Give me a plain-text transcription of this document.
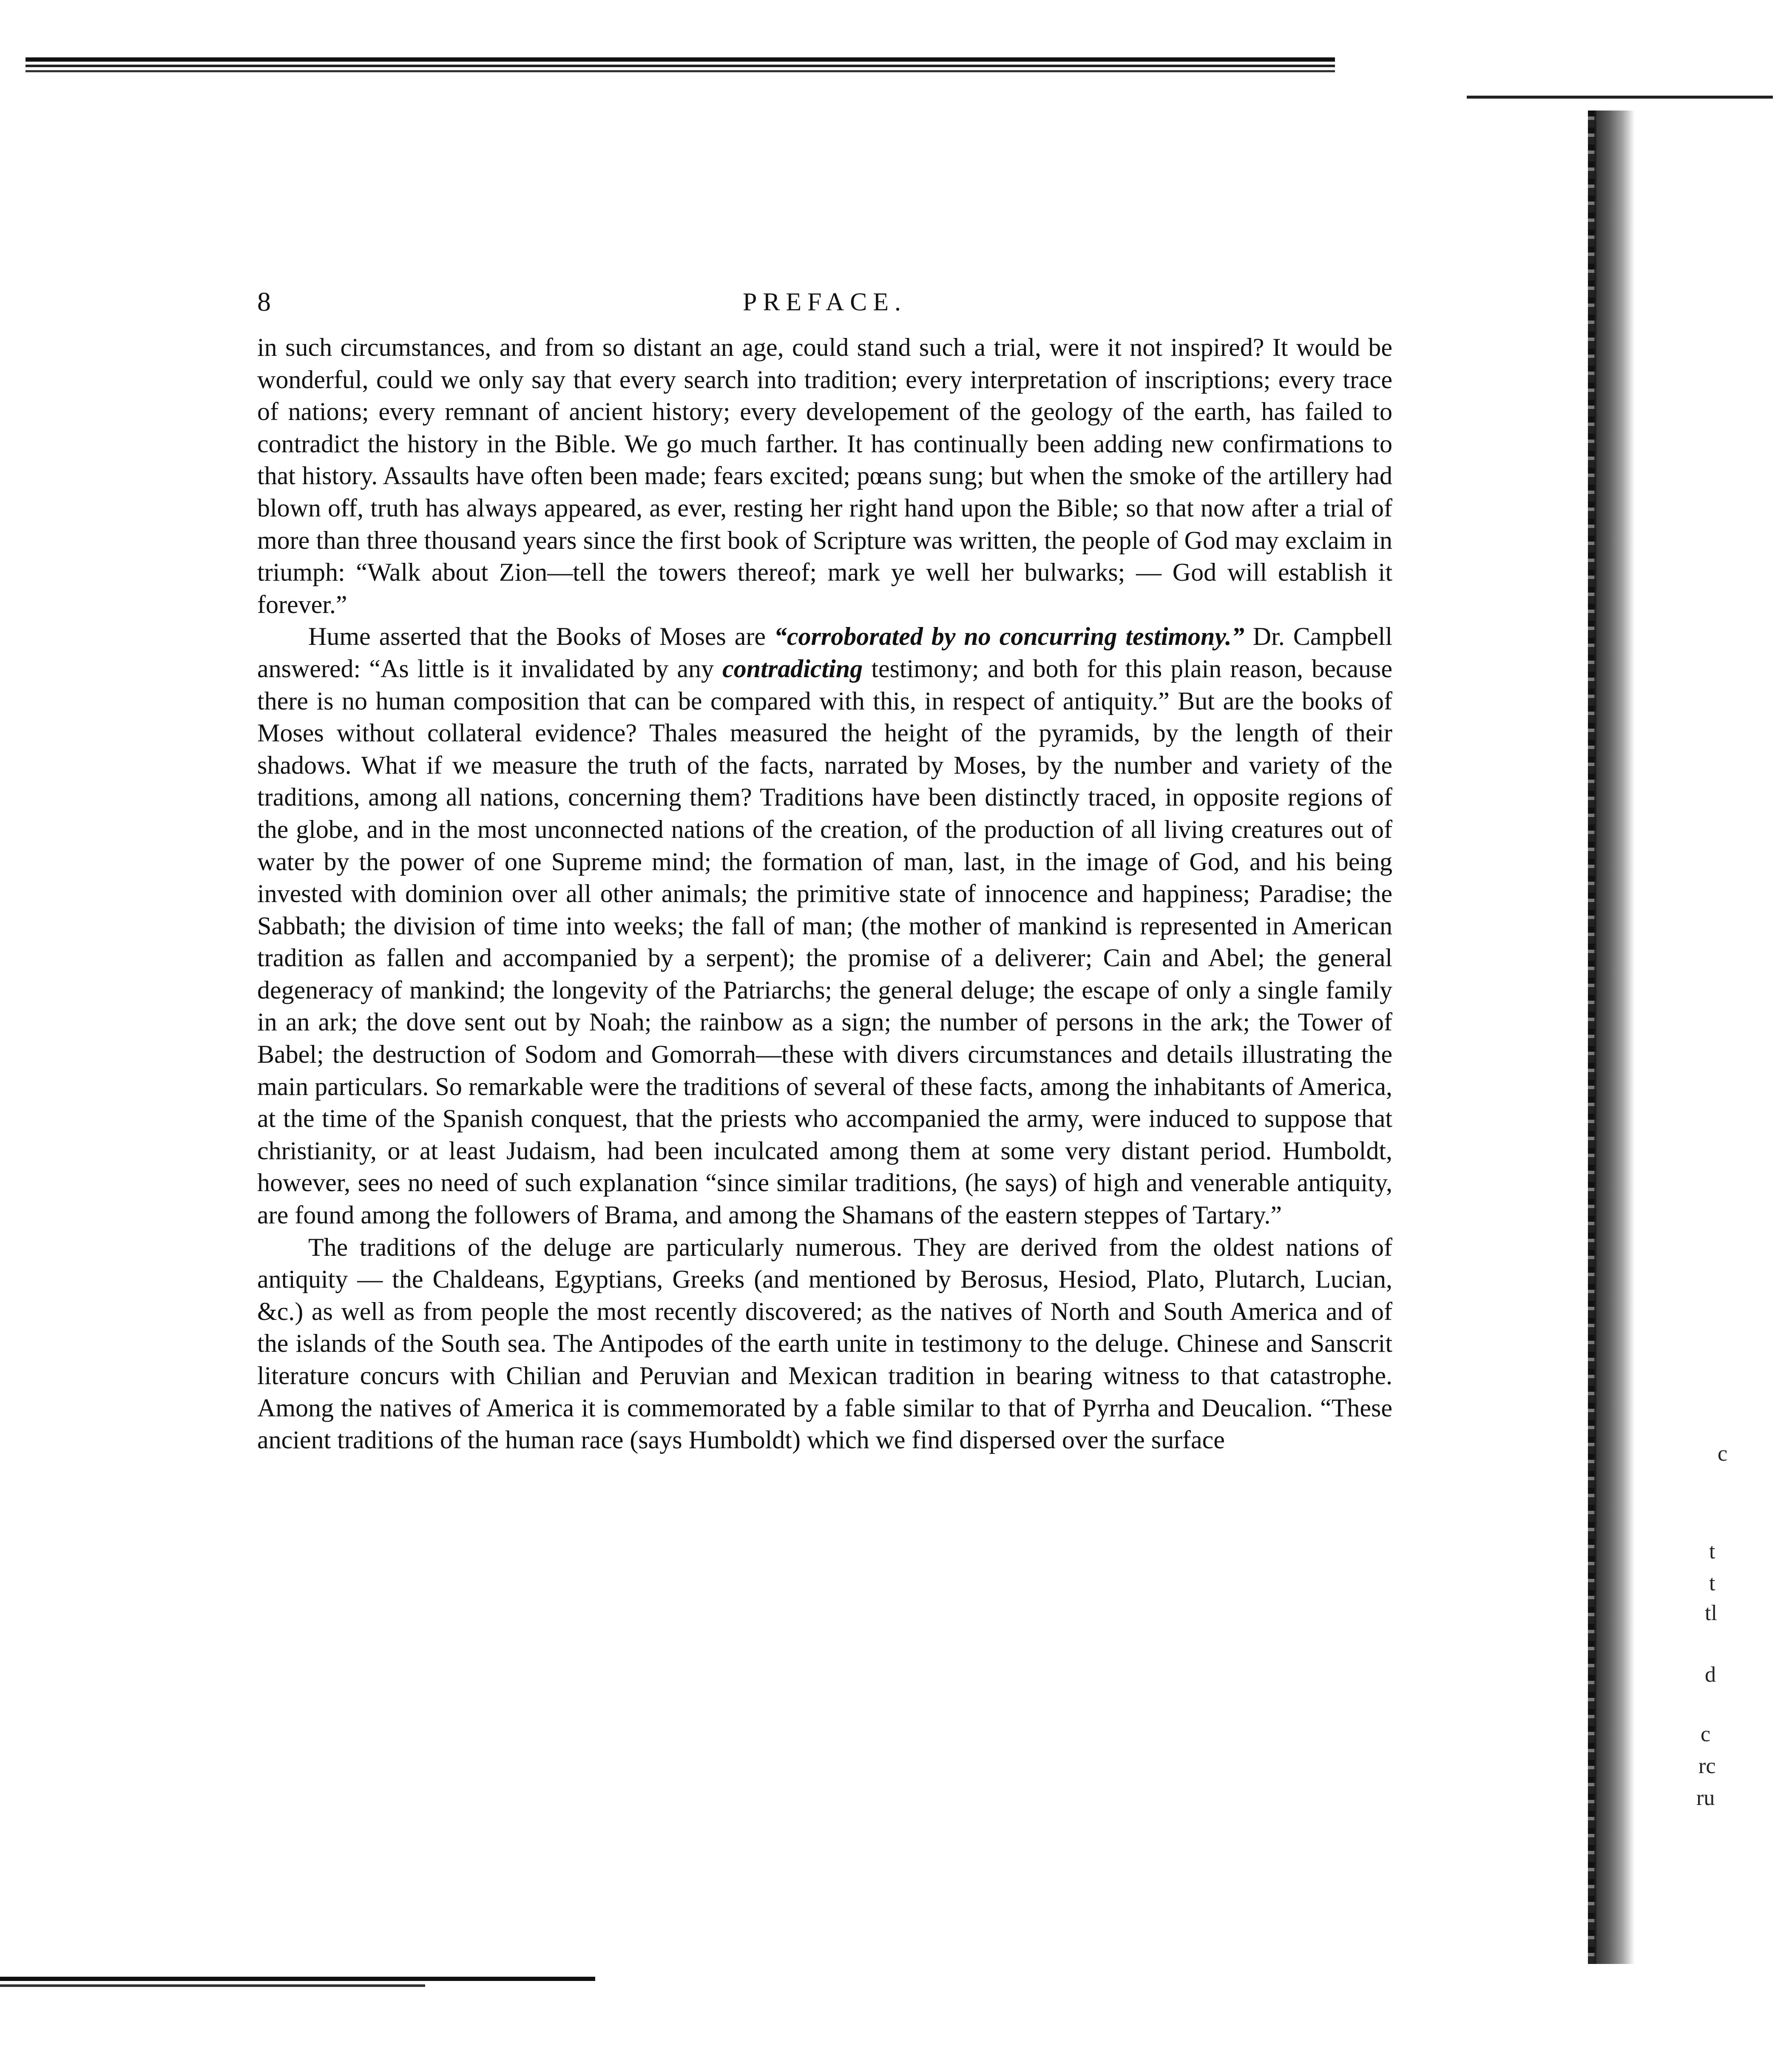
8	PREFACE.

in such circumstances, and from so distant an age, could stand such a trial, were it not inspired? It would be wonderful, could we only say that every search into tradition; every interpretation of inscriptions; every trace of nations; every remnant of ancient history; every developement of the geology of the earth, has failed to contradict the history in the Bible. We go much farther. It has continually been adding new confirmations to that history. Assaults have often been made; fears excited; pœans sung; but when the smoke of the artillery had blown off, truth has always appeared, as ever, resting her right hand upon the Bible; so that now after a trial of more than three thousand years since the first book of Scripture was written, the people of God may exclaim in triumph: “Walk about Zion—tell the towers thereof; mark ye well her bulwarks; — God will establish it forever.”

Hume asserted that the Books of Moses are “corroborated by no concurring testimony.” Dr. Campbell answered: “As little is it invalidated by any contradicting testimony; and both for this plain reason, because there is no human composition that can be compared with this, in respect of antiquity.” But are the books of Moses without collateral evidence? Thales measured the height of the pyramids, by the length of their shadows. What if we measure the truth of the facts, narrated by Moses, by the number and variety of the traditions, among all nations, concerning them? Traditions have been distinctly traced, in opposite regions of the globe, and in the most unconnected nations of the creation, of the production of all living creatures out of water by the power of one Supreme mind; the formation of man, last, in the image of God, and his being invested with dominion over all other animals; the primitive state of innocence and happiness; Paradise; the Sabbath; the division of time into weeks; the fall of man; (the mother of mankind is represented in American tradition as fallen and accompanied by a serpent); the promise of a deliverer; Cain and Abel; the general degeneracy of mankind; the longevity of the Patriarchs; the general deluge; the escape of only a single family in an ark; the dove sent out by Noah; the rainbow as a sign; the number of persons in the ark; the Tower of Babel; the destruction of Sodom and Gomorrah—these with divers circumstances and details illustrating the main particulars. So remarkable were the traditions of several of these facts, among the inhabitants of America, at the time of the Spanish conquest, that the priests who accompanied the army, were induced to suppose that christianity, or at least Judaism, had been inculcated among them at some very distant period. Humboldt, however, sees no need of such explanation “since similar traditions, (he says) of high and venerable antiquity, are found among the followers of Brama, and among the Shamans of the eastern steppes of Tartary.”

The traditions of the deluge are particularly numerous. They are derived from the oldest nations of antiquity — the Chaldeans, Egyptians, Greeks (and mentioned by Berosus, Hesiod, Plato, Plutarch, Lucian, &c.) as well as from people the most recently discovered; as the natives of North and South America and of the islands of the South sea. The Antipodes of the earth unite in testimony to the deluge. Chinese and Sanscrit literature concurs with Chilian and Peruvian and Mexican tradition in bearing witness to that catastrophe. Among the natives of America it is commemorated by a fable similar to that of Pyrrha and Deucalion. “These ancient traditions of the human race (says Humboldt) which we find dispersed over the surface	c
t
t
tl
d
c
rc
ru
